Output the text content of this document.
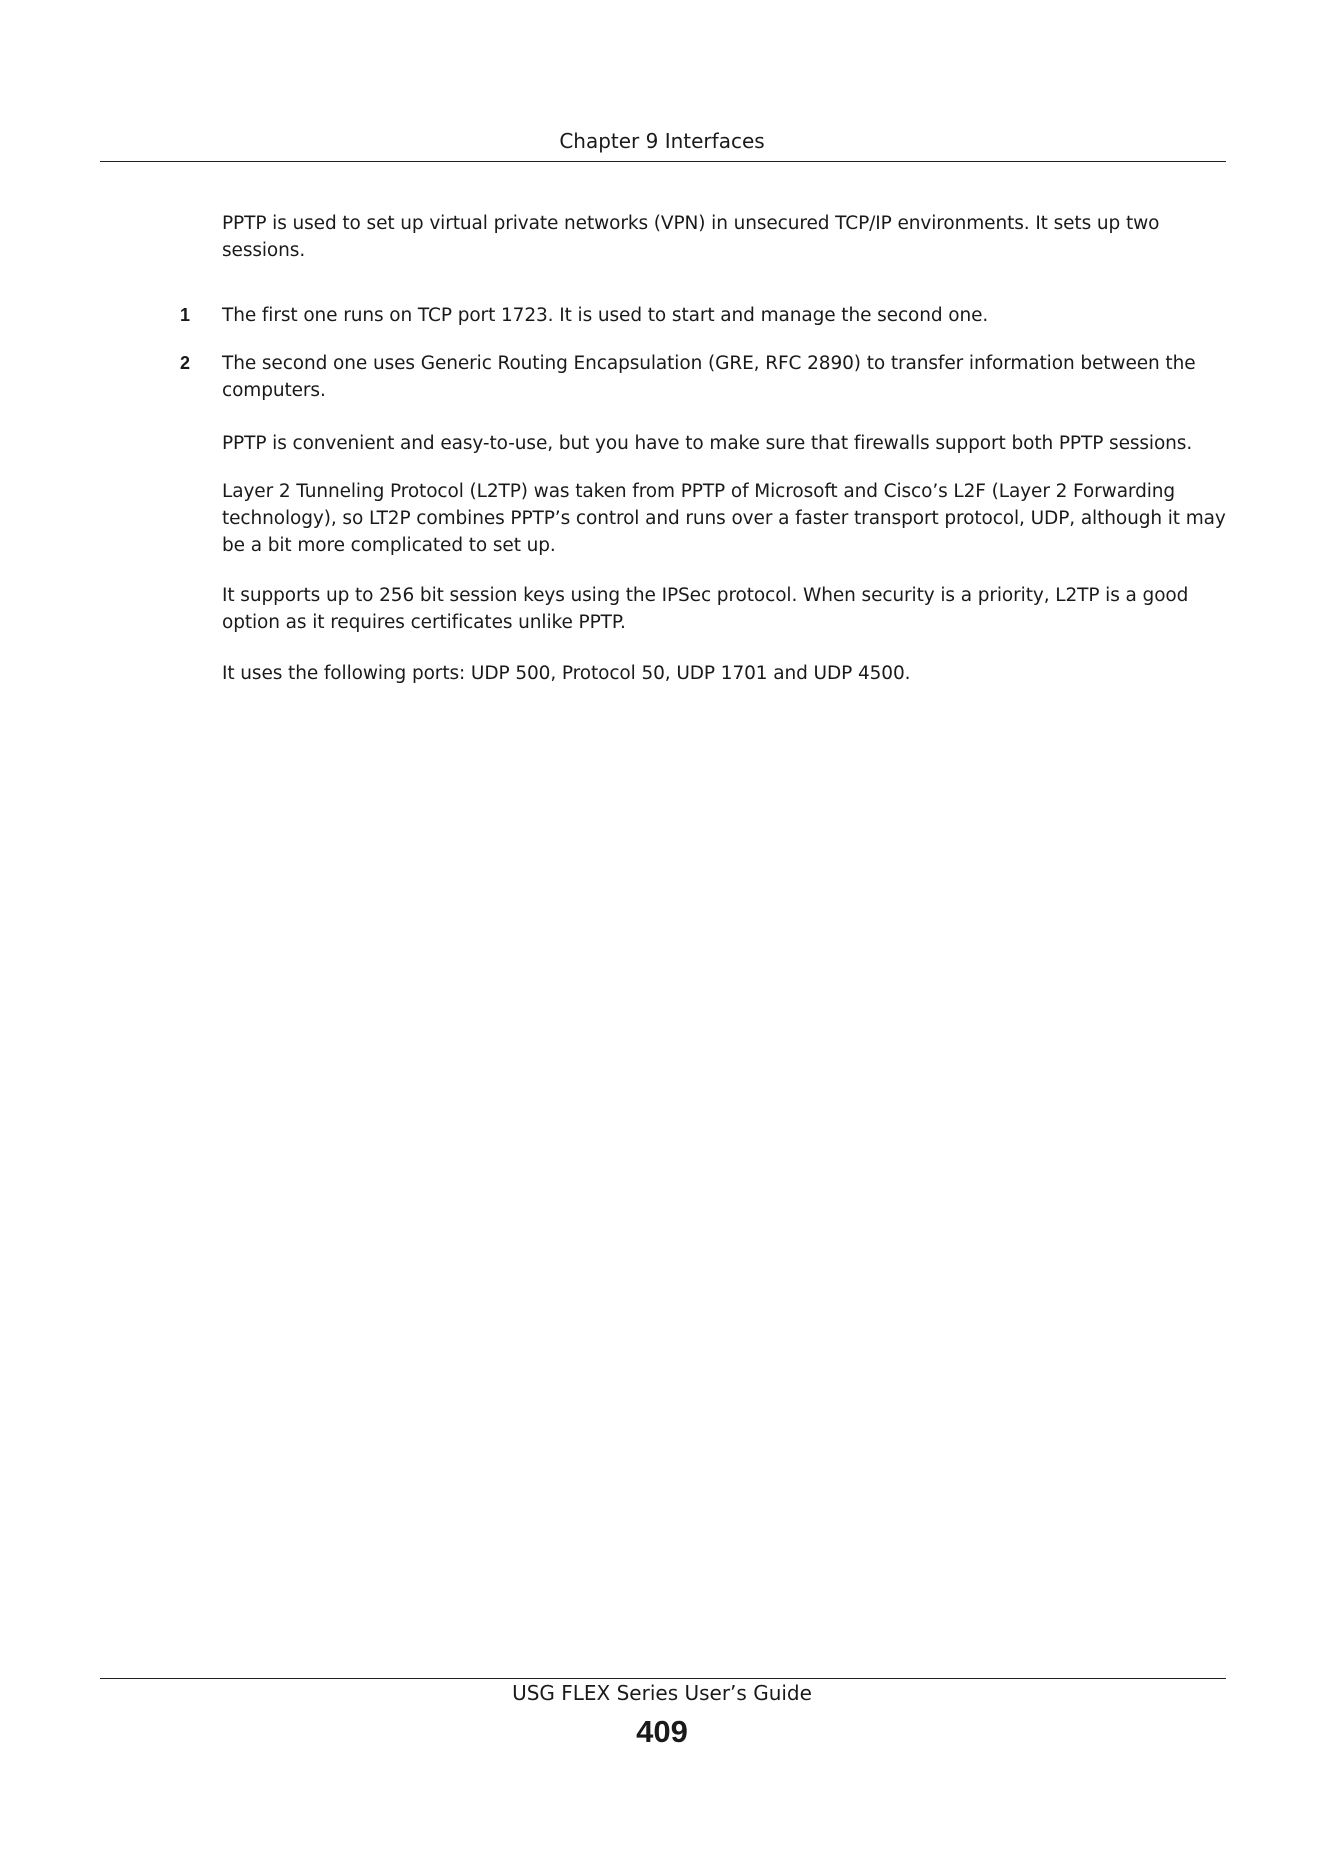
Chapter 9 Interfaces
PPTP is used to set up virtual private networks (VPN) in unsecured TCP/IP environments. It sets up two sessions.
1 The first one runs on TCP port 1723. It is used to start and manage the second one.
2 The second one uses Generic Routing Encapsulation (GRE, RFC 2890) to transfer information between the computers.
PPTP is convenient and easy-to-use, but you have to make sure that firewalls support both PPTP sessions.
Layer 2 Tunneling Protocol (L2TP) was taken from PPTP of Microsoft and Cisco’s L2F (Layer 2 Forwarding technology), so LT2P combines PPTP’s control and runs over a faster transport protocol, UDP, although it may be a bit more complicated to set up.
It supports up to 256 bit session keys using the IPSec protocol. When security is a priority, L2TP is a good option as it requires certificates unlike PPTP.
It uses the following ports: UDP 500, Protocol 50, UDP 1701 and UDP 4500.
USG FLEX Series User’s Guide
409
